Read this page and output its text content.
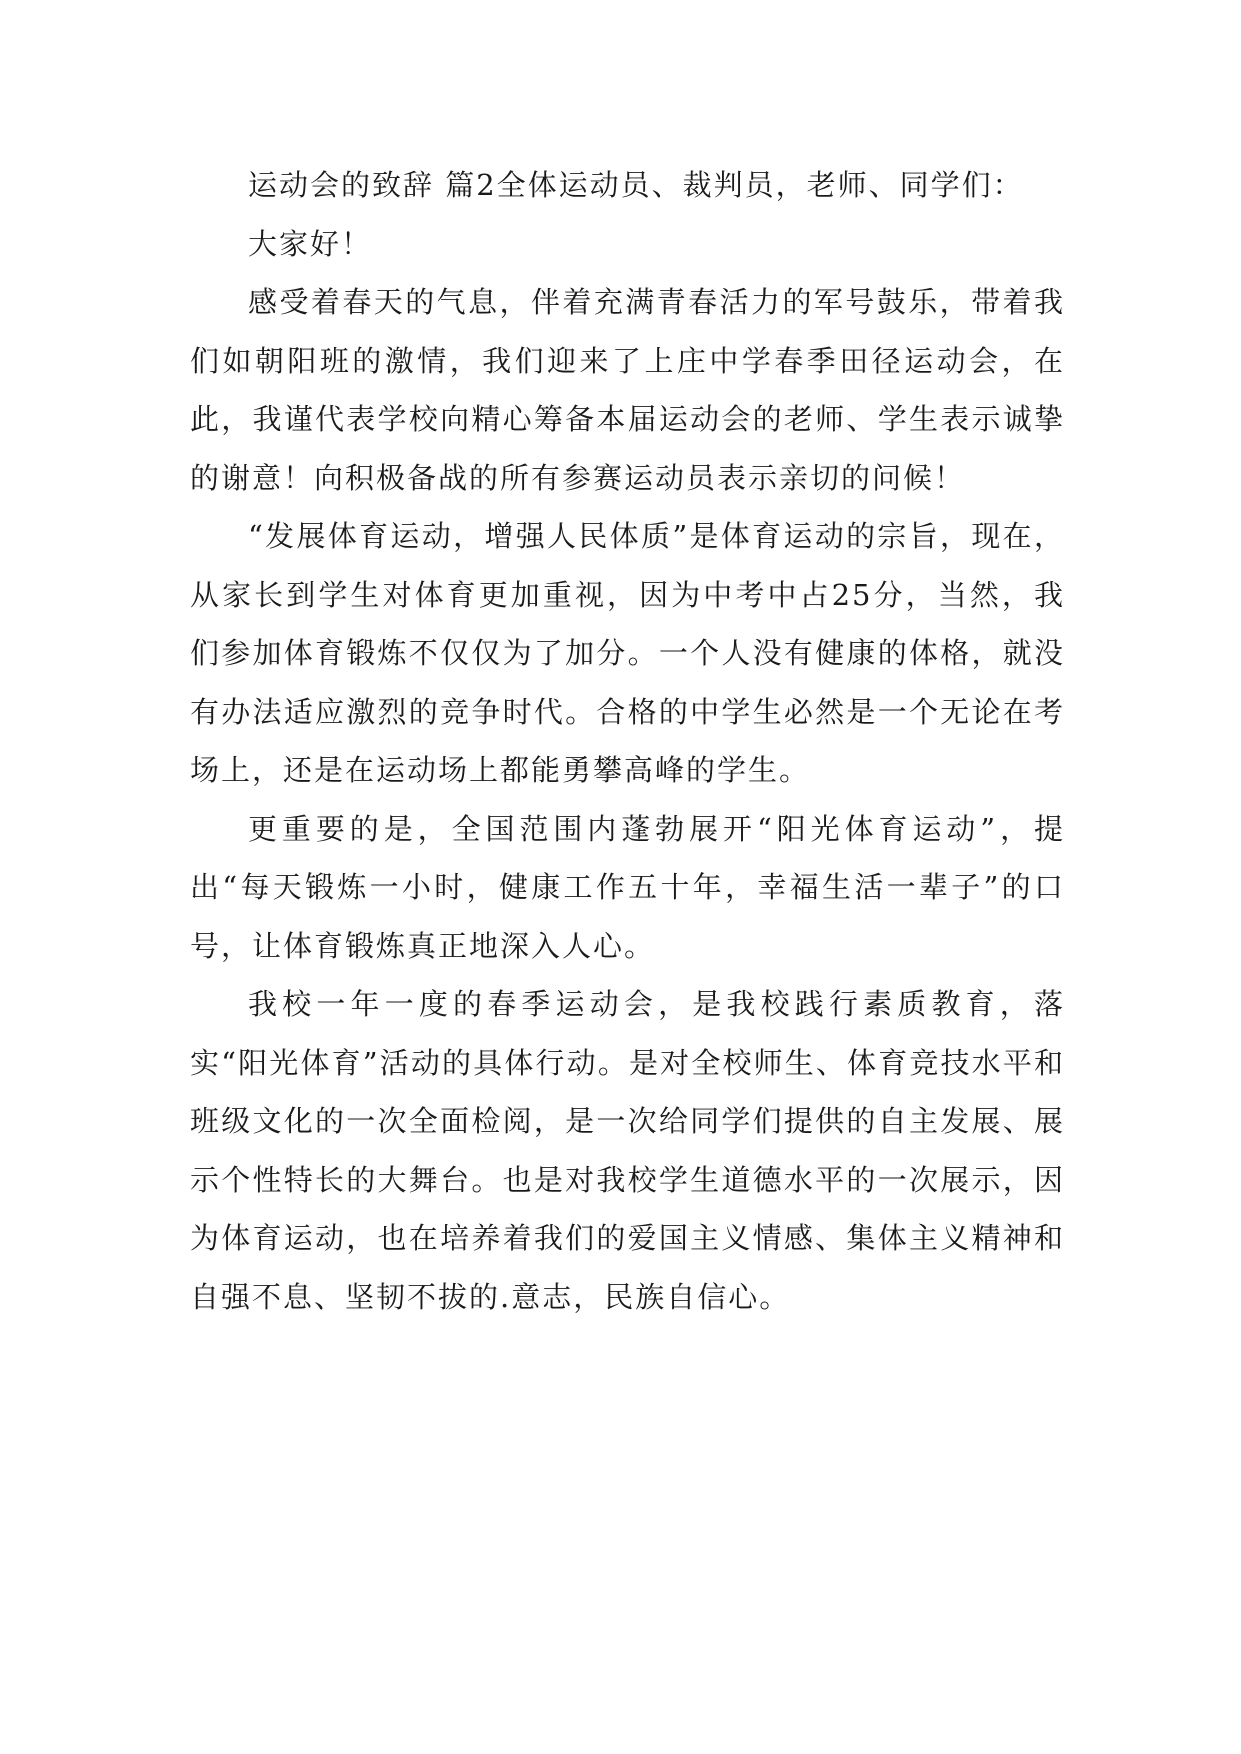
运动会的致辞 篇2全体运动员、裁判员，老师、同学们：

大家好！

感受着春天的气息，伴着充满青春活力的军号鼓乐，带着我们如朝阳班的激情，我们迎来了上庄中学春季田径运动会，在此，我谨代表学校向精心筹备本届运动会的老师、学生表示诚挚的谢意！向积极备战的所有参赛运动员表示亲切的问候！

“发展体育运动，增强人民体质”是体育运动的宗旨，现在，从家长到学生对体育更加重视，因为中考中占25分，当然，我们参加体育锻炼不仅仅为了加分。一个人没有健康的体格，就没有办法适应激烈的竞争时代。合格的中学生必然是一个无论在考场上，还是在运动场上都能勇攀高峰的学生。

更重要的是，全国范围内蓬勃展开“阳光体育运动”，提出“每天锻炼一小时，健康工作五十年，幸福生活一辈子”的口号，让体育锻炼真正地深入人心。

我校一年一度的春季运动会，是我校践行素质教育，落实“阳光体育”活动的具体行动。是对全校师生、体育竞技水平和班级文化的一次全面检阅，是一次给同学们提供的自主发展、展示个性特长的大舞台。也是对我校学生道德水平的一次展示，因为体育运动，也在培养着我们的爱国主义情感、集体主义精神和自强不息、坚韧不拔的.意志，民族自信心。
